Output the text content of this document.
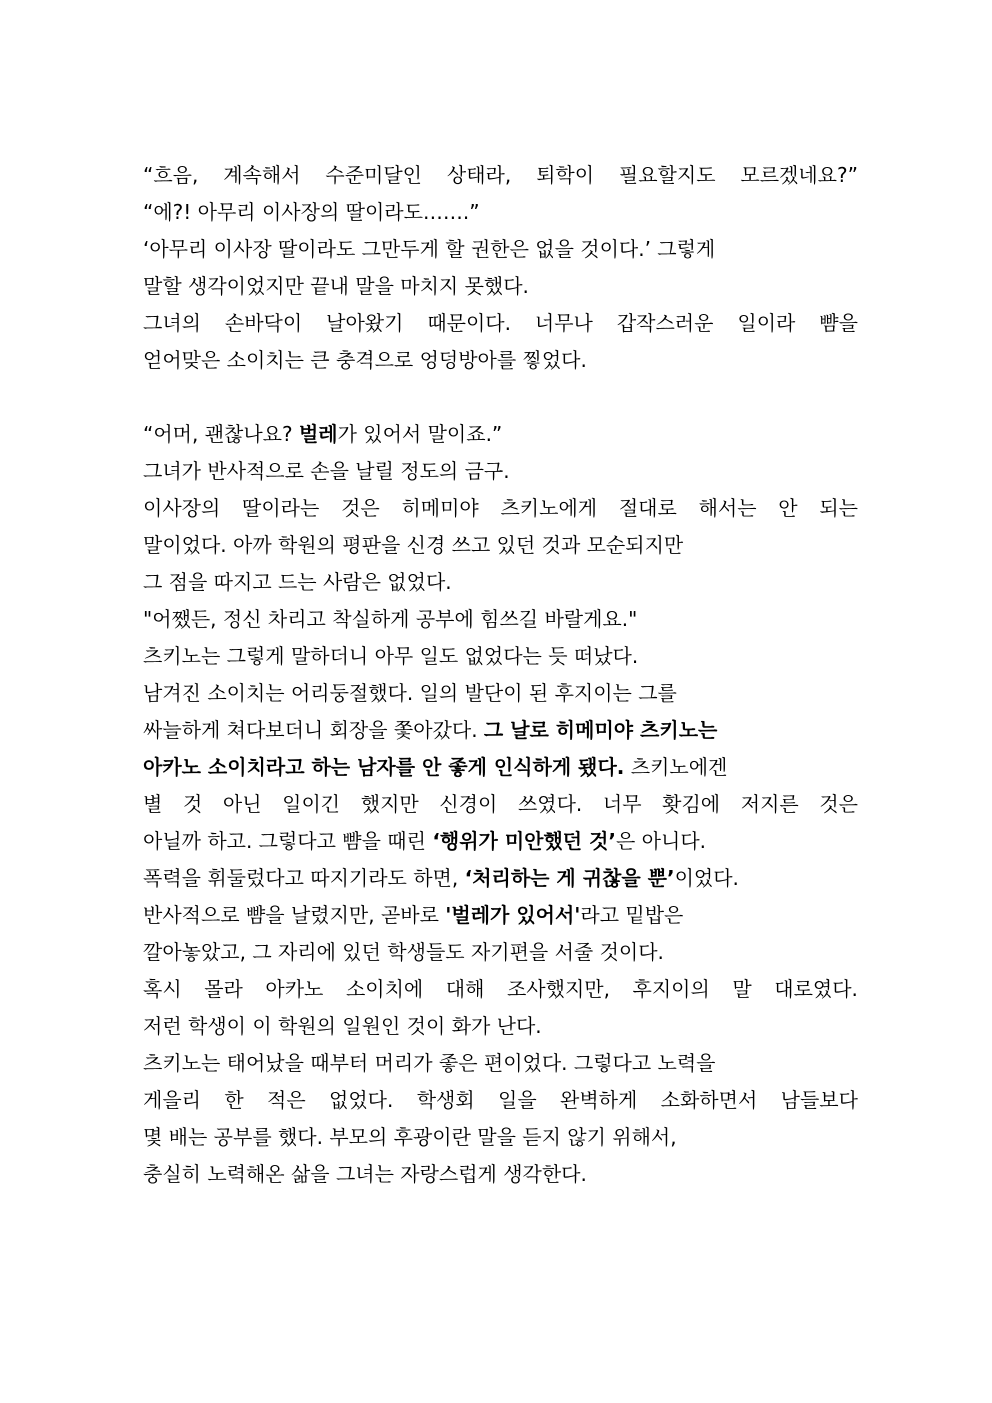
“흐음, 계속해서 수준미달인 상태라, 퇴학이 필요할지도 모르겠네요?”
“에?! 아무리 이사장의 딸이라도…….”
‘아무리 이사장 딸이라도 그만두게 할 권한은 없을 것이다.’ 그렇게
말할 생각이었지만 끝내 말을 마치지 못했다.
그녀의 손바닥이 날아왔기 때문이다. 너무나 갑작스러운 일이라 뺨을
얻어맞은 소이치는 큰 충격으로 엉덩방아를 찧었다.
“어머, 괜찮나요? 벌레가 있어서 말이죠.”
그녀가 반사적으로 손을 날릴 정도의 금구.
이사장의 딸이라는 것은 히메미야 츠키노에게 절대로 해서는 안 되는
말이었다. 아까 학원의 평판을 신경 쓰고 있던 것과 모순되지만
그 점을 따지고 드는 사람은 없었다.
"어쨌든, 정신 차리고 착실하게 공부에 힘쓰길 바랄게요."
츠키노는 그렇게 말하더니 아무 일도 없었다는 듯 떠났다.
남겨진 소이치는 어리둥절했다. 일의 발단이 된 후지이는 그를
싸늘하게 쳐다보더니 회장을 쫓아갔다. 그 날로 히메미야 츠키노는
아카노 소이치라고 하는 남자를 안 좋게 인식하게 됐다. 츠키노에겐
별 것 아닌 일이긴 했지만 신경이 쓰였다. 너무 홧김에 저지른 것은
아닐까 하고. 그렇다고 뺨을 때린 ‘행위가 미안했던 것’은 아니다.
폭력을 휘둘렀다고 따지기라도 하면, ‘처리하는 게 귀찮을 뿐’이었다.
반사적으로 뺨을 날렸지만, 곧바로 '벌레가 있어서'라고 밑밥은
깔아놓았고, 그 자리에 있던 학생들도 자기편을 서줄 것이다.
혹시 몰라 아카노 소이치에 대해 조사했지만, 후지이의 말 대로였다.
저런 학생이 이 학원의 일원인 것이 화가 난다.
츠키노는 태어났을 때부터 머리가 좋은 편이었다. 그렇다고 노력을
게을리 한 적은 없었다. 학생회 일을 완벽하게 소화하면서 남들보다
몇 배는 공부를 했다. 부모의 후광이란 말을 듣지 않기 위해서,
충실히 노력해온 삶을 그녀는 자랑스럽게 생각한다.
